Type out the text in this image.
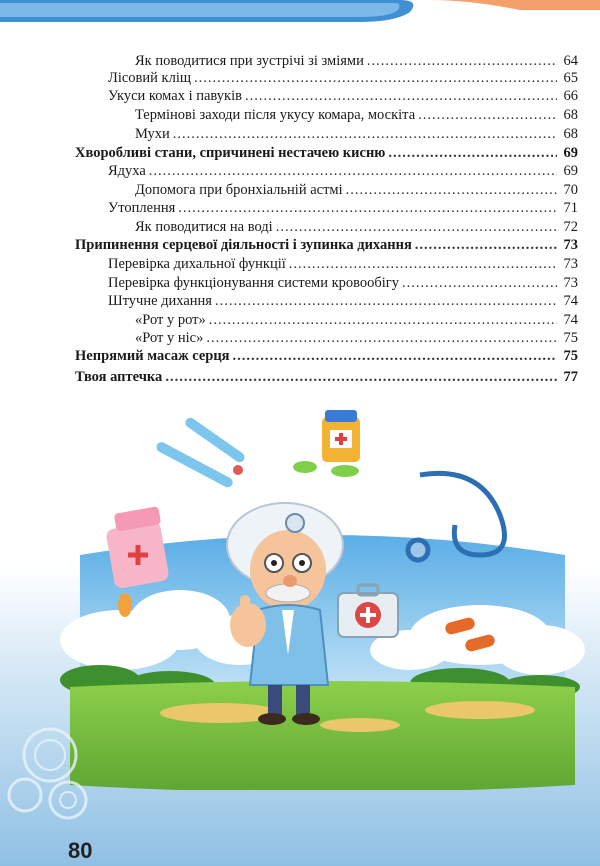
Як поводитися при зустрічі зі зміями .....	64
Лісовий кліщ .....	65
Укуси комах і павуків .....	66
Термінові заходи після укусу комара, москіта .....	68
Мухи .....	68
Хворобливі стани, спричинені нестачею кисню .....	69
Ядуха .....	69
Допомога при бронхіальній астмі .....	70
Утоплення .....	71
Як поводитися на воді .....	72
Припинення серцевої діяльності і зупинка дихання .....	73
Перевірка дихальної функції .....	73
Перевірка функціонування системи кровообігу .....	73
Штучне дихання .....	74
«Рот у рот» .....	74
«Рот у ніс» .....	75
Непрямий масаж серця .....	75
Твоя аптечка .....	77
80
